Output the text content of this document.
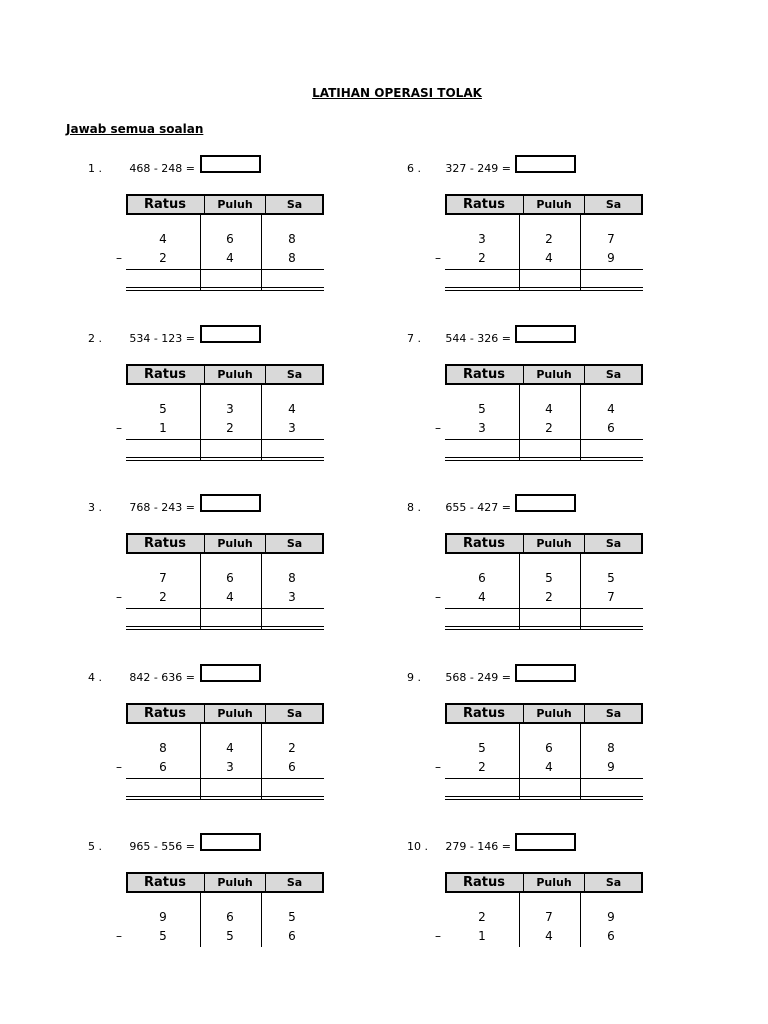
LATIHAN OPERASI TOLAK
Jawab semua soalan
1 .	468 - 248 =
Ratus	Puluh	Sa
4	6	8
2	4	8
–
2 .	534 - 123 =
Ratus	Puluh	Sa
5	3	4
1	2	3
–
3 .	768 - 243 =
Ratus	Puluh	Sa
7	6	8
2	4	3
–
4 .	842 - 636 =
Ratus	Puluh	Sa
8	4	2
6	3	6
–
5 .	965 - 556 =
Ratus	Puluh	Sa
9	6	5
5	5	6
–
6 .	327 - 249 =
Ratus	Puluh	Sa
3	2	7
2	4	9
–
7 .	544 - 326 =
Ratus	Puluh	Sa
5	4	4
3	2	6
–
8 .	655 - 427 =
Ratus	Puluh	Sa
6	5	5
4	2	7
–
9 .	568 - 249 =
Ratus	Puluh	Sa
5	6	8
2	4	9
–
10 .	279 - 146 =
Ratus	Puluh	Sa
2	7	9
1	4	6
–
